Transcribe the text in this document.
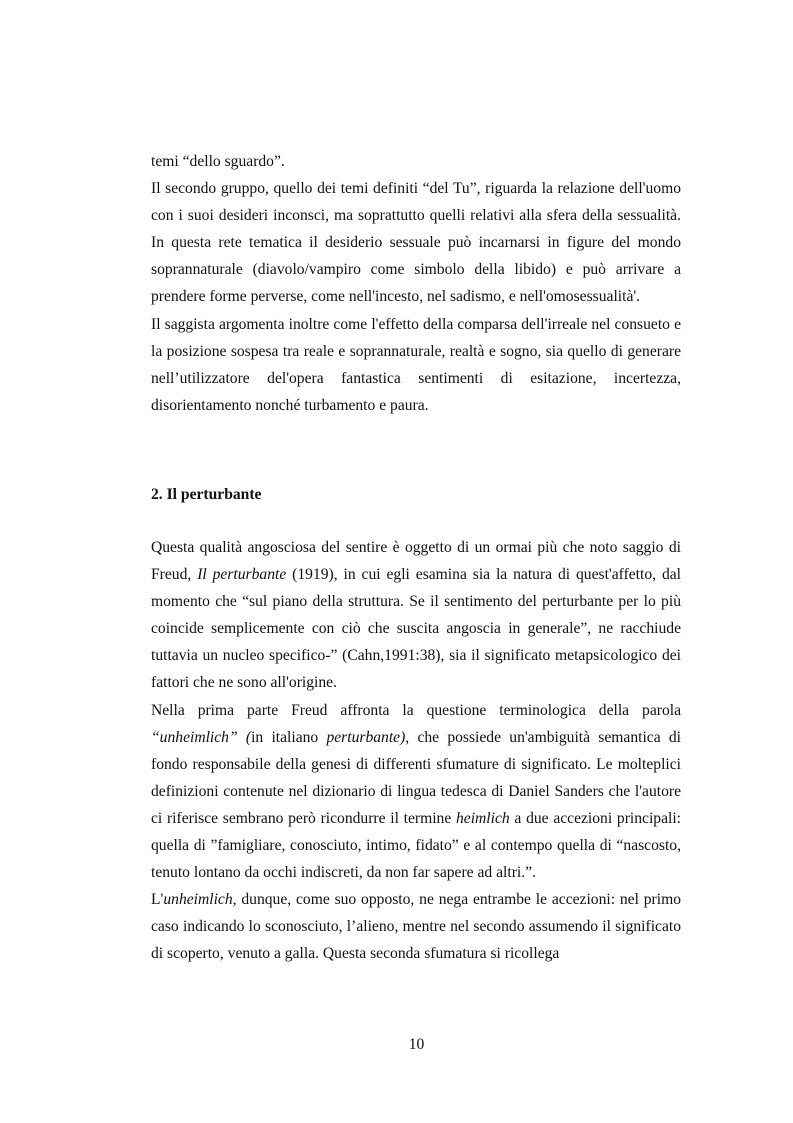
temi “dello sguardo”.

Il secondo gruppo, quello dei temi definiti “del Tu”, riguarda la relazione dell'uomo con i suoi desideri inconsci, ma soprattutto quelli relativi alla sfera della sessualità. In questa rete tematica il desiderio sessuale può incarnarsi in figure del mondo soprannaturale (diavolo/vampiro come simbolo della libido) e può arrivare a prendere forme perverse, come nell'incesto, nel sadismo, e nell'omosessualità'.

Il saggista argomenta inoltre come l'effetto della comparsa dell'irreale nel consueto e la posizione sospesa tra reale e soprannaturale, realtà e sogno, sia quello di generare nell’utilizzatore del'opera fantastica sentimenti di esitazione, incertezza, disorientamento nonché turbamento e paura.

2. Il perturbante

Questa qualità angosciosa del sentire è oggetto di un ormai più che noto saggio di Freud, Il perturbante (1919), in cui egli esamina sia la natura di quest'affetto, dal momento che “sul piano della struttura. Se il sentimento del perturbante per lo più coincide semplicemente con ciò che suscita angoscia in generale”, ne racchiude tuttavia un nucleo specifico-” (Cahn,1991:38), sia il significato metapsicologico dei fattori che ne sono all'origine.

Nella prima parte Freud affronta la questione terminologica della parola “unheimlich” (in italiano perturbante), che possiede un'ambiguità semantica di fondo responsabile della genesi di differenti sfumature di significato. Le molteplici definizioni contenute nel dizionario di lingua tedesca di Daniel Sanders che l'autore ci riferisce sembrano però ricondurre il termine heimlich a due accezioni principali: quella di ”famigliare, conosciuto, intimo, fidato” e al contempo quella di “nascosto, tenuto lontano da occhi indiscreti, da non far sapere ad altri.”.

L'unheimlich, dunque, come suo opposto, ne nega entrambe le accezioni: nel primo caso indicando lo sconosciuto, l’alieno, mentre nel secondo assumendo il significato di scoperto, venuto a galla. Questa seconda sfumatura si ricollega

10
